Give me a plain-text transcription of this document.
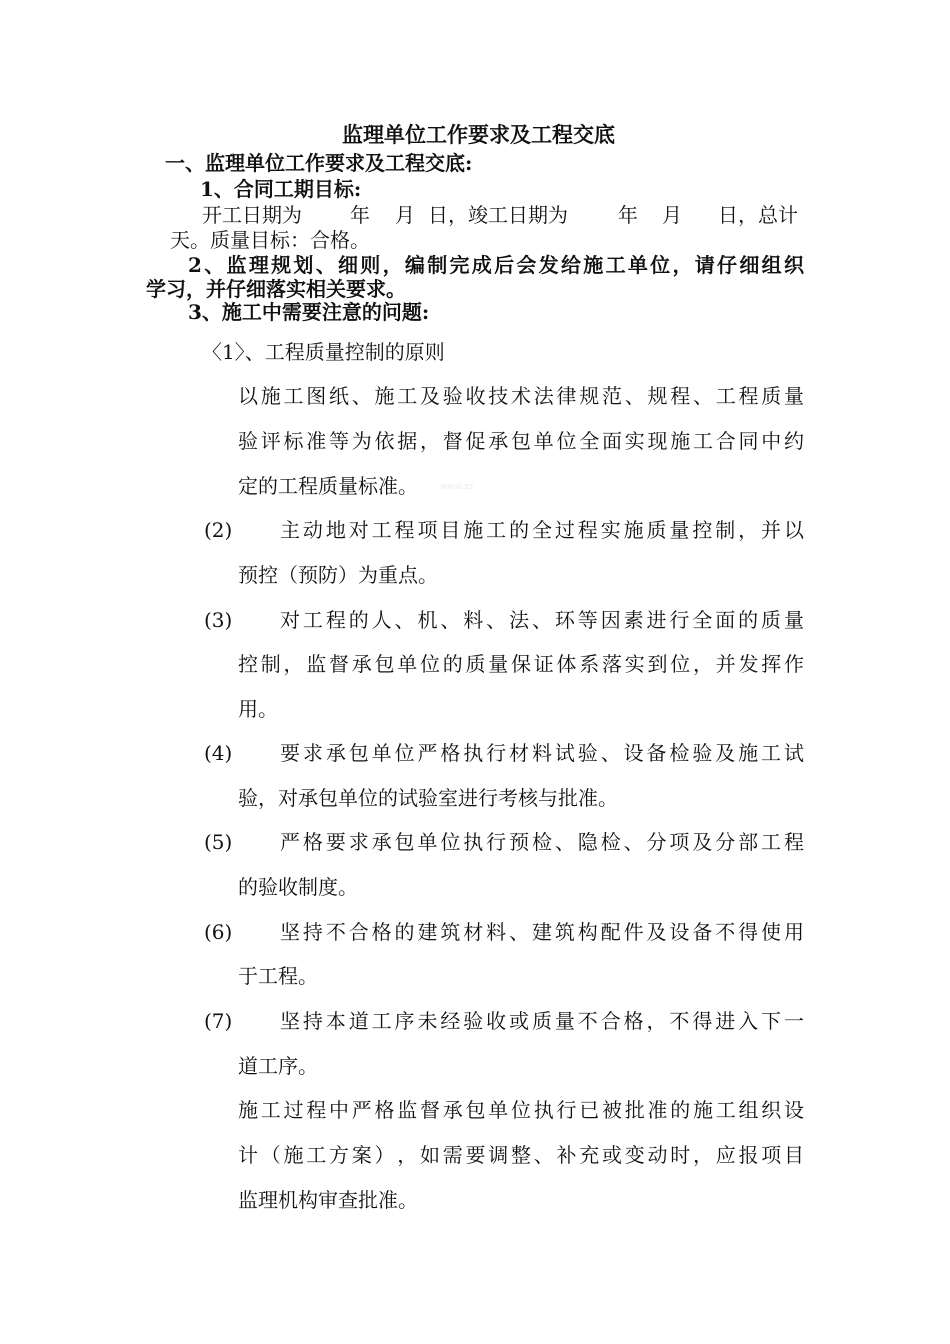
监理单位工作要求及工程交底
一、监理单位工作要求及工程交底:
1、合同工期目标:
开工日期为 年 月 日，竣工日期为	年 月 日，总计
天。质量目标：合格。
2 、 监 理 规 划 、 细 则 ， 编 制 完 成 后 会 发 给 施 工 单 位 ， 请 仔 细 组 织
学习，并仔细落实相关要求。
3、施工中需要注意的问题:
〈1〉、工程质量控制的原则
以 施 工 图 纸 、 施 工 及 验 收 技 术 法 律 规 范 、 规 程 、 工 程 质 量
验 评 标 准 等 为 依 据 ， 督 促 承 包 单 位 全 面 实 现 施 工 合 同 中 约
定的工程质量标准。 www.zz
(2) 主 动 地 对 工 程 项 目 施 工 的 全 过 程 实 施 质 量 控 制 ， 并 以
预控（预防）为重点。
(3) 对 工 程 的 人 、 机 、 料 、 法 、 环 等 因 素 进 行 全 面 的 质 量
控 制 ， 监 督 承 包 单 位 的 质 量 保 证 体 系 落 实 到 位 ， 并 发 挥 作
用。
(4) 要 求 承 包 单 位 严 格 执 行 材 料 试 验 、 设 备 检 验 及 施 工 试
验，对承包单位的试验室进行考核与批准。
(5) 严 格 要 求 承 包 单 位 执 行 预 检 、 隐 检 、 分 项 及 分 部 工 程
的验收制度。
(6) 坚 持 不 合 格 的 建 筑 材 料 、 建 筑 构 配 件 及 设 备 不 得 使 用
于工程。
(7) 坚 持 本 道 工 序 未 经 验 收 或 质 量 不 合 格 ， 不 得 进 入 下 一
道工序。
施 工 过 程 中 严 格 监 督 承 包 单 位 执 行 已 被 批 准 的 施 工 组 织 设
计 （ 施 工 方 案 ） ， 如 需 要 调 整 、 补 充 或 变 动 时 ， 应 报 项 目
监理机构审查批准。
